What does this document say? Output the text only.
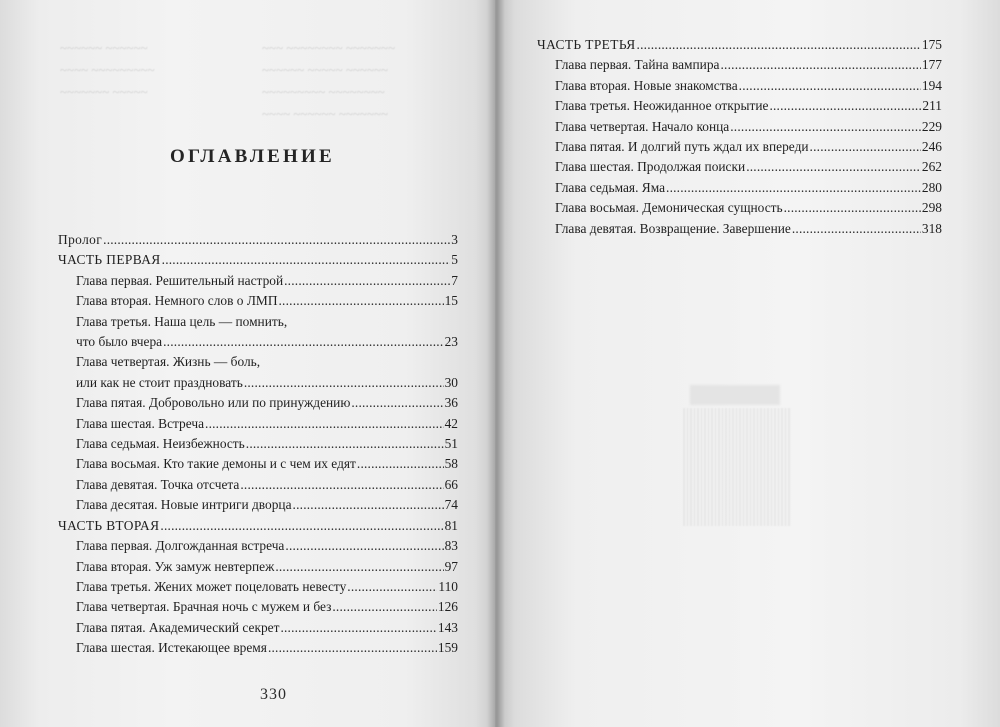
~~~ ~~~~~~~~ ~~~~~~~
~~~~~~ ~~~~~ ~~~~~~
~~~~~~~~~ ~~~~~~~~
~~~~ ~~~~~~ ~~~~~~~
~~~~~~ ~~~~~~
~~~~ ~~~~~~~~~
~~~~~~~ ~~~~~
ОГЛАВЛЕНИЕ
Пролог .....	3
ЧАСТЬ ПЕРВАЯ .....	5
Глава первая. Решительный настрой .....	7
Глава вторая. Немного слов о ЛМП .....	15
Глава третья. Наша цель — помнить,
что было вчера .....	23
Глава четвертая. Жизнь — боль,
или как не стоит праздновать .....	30
Глава пятая. Добровольно или по принуждению .....	36
Глава шестая. Встреча .....	42
Глава седьмая. Неизбежность .....	51
Глава восьмая. Кто такие демоны и с чем их едят .....	58
Глава девятая. Точка отсчета .....	66
Глава десятая. Новые интриги дворца .....	74
ЧАСТЬ ВТОРАЯ .....	81
Глава первая. Долгожданная встреча .....	83
Глава вторая. Уж замуж невтерпеж .....	97
Глава третья. Жених может поцеловать невесту .....	110
Глава четвертая. Брачная ночь с мужем и без .....	126
Глава пятая. Академический секрет .....	143
Глава шестая. Истекающее время .....	159
330
ЧАСТЬ ТРЕТЬЯ .....	175
Глава первая. Тайна вампира .....	177
Глава вторая. Новые знакомства .....	194
Глава третья. Неожиданное открытие .....	211
Глава четвертая. Начало конца .....	229
Глава пятая. И долгий путь ждал их впереди .....	246
Глава шестая. Продолжая поиски .....	262
Глава седьмая. Яма .....	280
Глава восьмая. Демоническая сущность .....	298
Глава девятая. Возвращение. Завершение .....	318
